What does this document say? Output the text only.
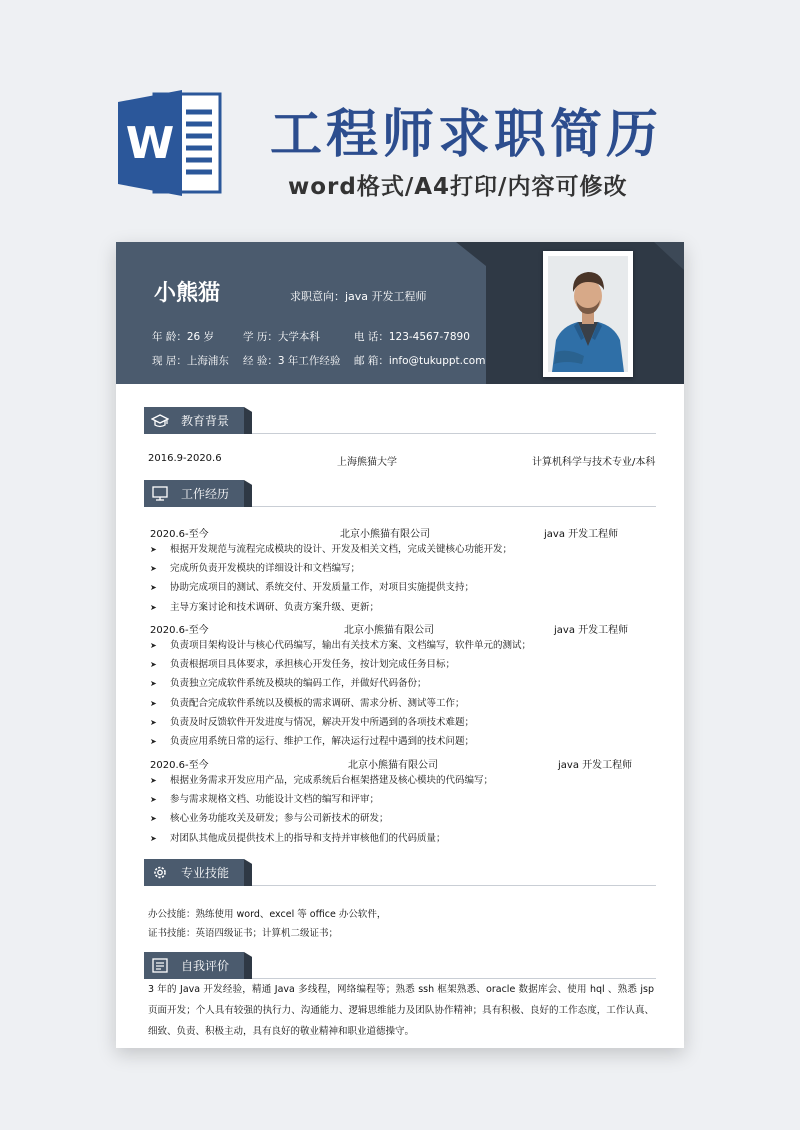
W 工程师求职简历
word格式/A4打印/内容可修改
小熊猫	求职意向：java 开发工程师
年 龄：26 岁	学 历：大学本科	电 话：123-4567-7890
现 居：上海浦东 经 验：3 年工作经验 邮 箱：info@tukuppt.com
教育背景
2016.9-2020.6	上海熊猫大学	计算机科学与技术专业/本科
工作经历
2020.6-至今	北京小熊猫有限公司	java 开发工程师
➤ 根据开发规范与流程完成模块的设计、开发及相关文档，完成关键核心功能开发；
➤ 完成所负责开发模块的详细设计和文档编写；
➤ 协助完成项目的测试、系统交付、开发质量工作，对项目实施提供支持；
➤ 主导方案讨论和技术调研、负责方案升级、更新；
2020.6-至今	北京小熊猫有限公司	java 开发工程师
➤ 负责项目架构设计与核心代码编写，输出有关技术方案、文档编写，软件单元的测试；
➤ 负责根据项目具体要求，承担核心开发任务，按计划完成任务目标；
➤ 负责独立完成软件系统及模块的编码工作，并做好代码备份；
➤ 负责配合完成软件系统以及模板的需求调研、需求分析、测试等工作；
➤ 负责及时反馈软件开发进度与情况，解决开发中所遇到的各项技术难题；
➤ 负责应用系统日常的运行、维护工作，解决运行过程中遇到的技术问题；
2020.6-至今	北京小熊猫有限公司	java 开发工程师
➤ 根据业务需求开发应用产品，完成系统后台框架搭建及核心模块的代码编写；
➤ 参与需求规格文档、功能设计文档的编写和评审；
➤ 核心业务功能攻关及研发；参与公司新技术的研发；
➤ 对团队其他成员提供技术上的指导和支持并审核他们的代码质量；
专业技能
办公技能：熟练使用 word、excel 等 office 办公软件，
证书技能：英语四级证书；计算机二级证书；
自我评价
3 年的 Java 开发经验，精通 Java 多线程，网络编程等；熟悉 ssh 框架熟悉、oracle 数据库会、使用 hql 、熟悉 jsp 页面开发；个人具有较强的执行力、沟通能力、逻辑思维能力及团队协作精神；具有积极、良好的工作态度，工作认真、细致、负责、积极主动，具有良好的敬业精神和职业道德操守。
